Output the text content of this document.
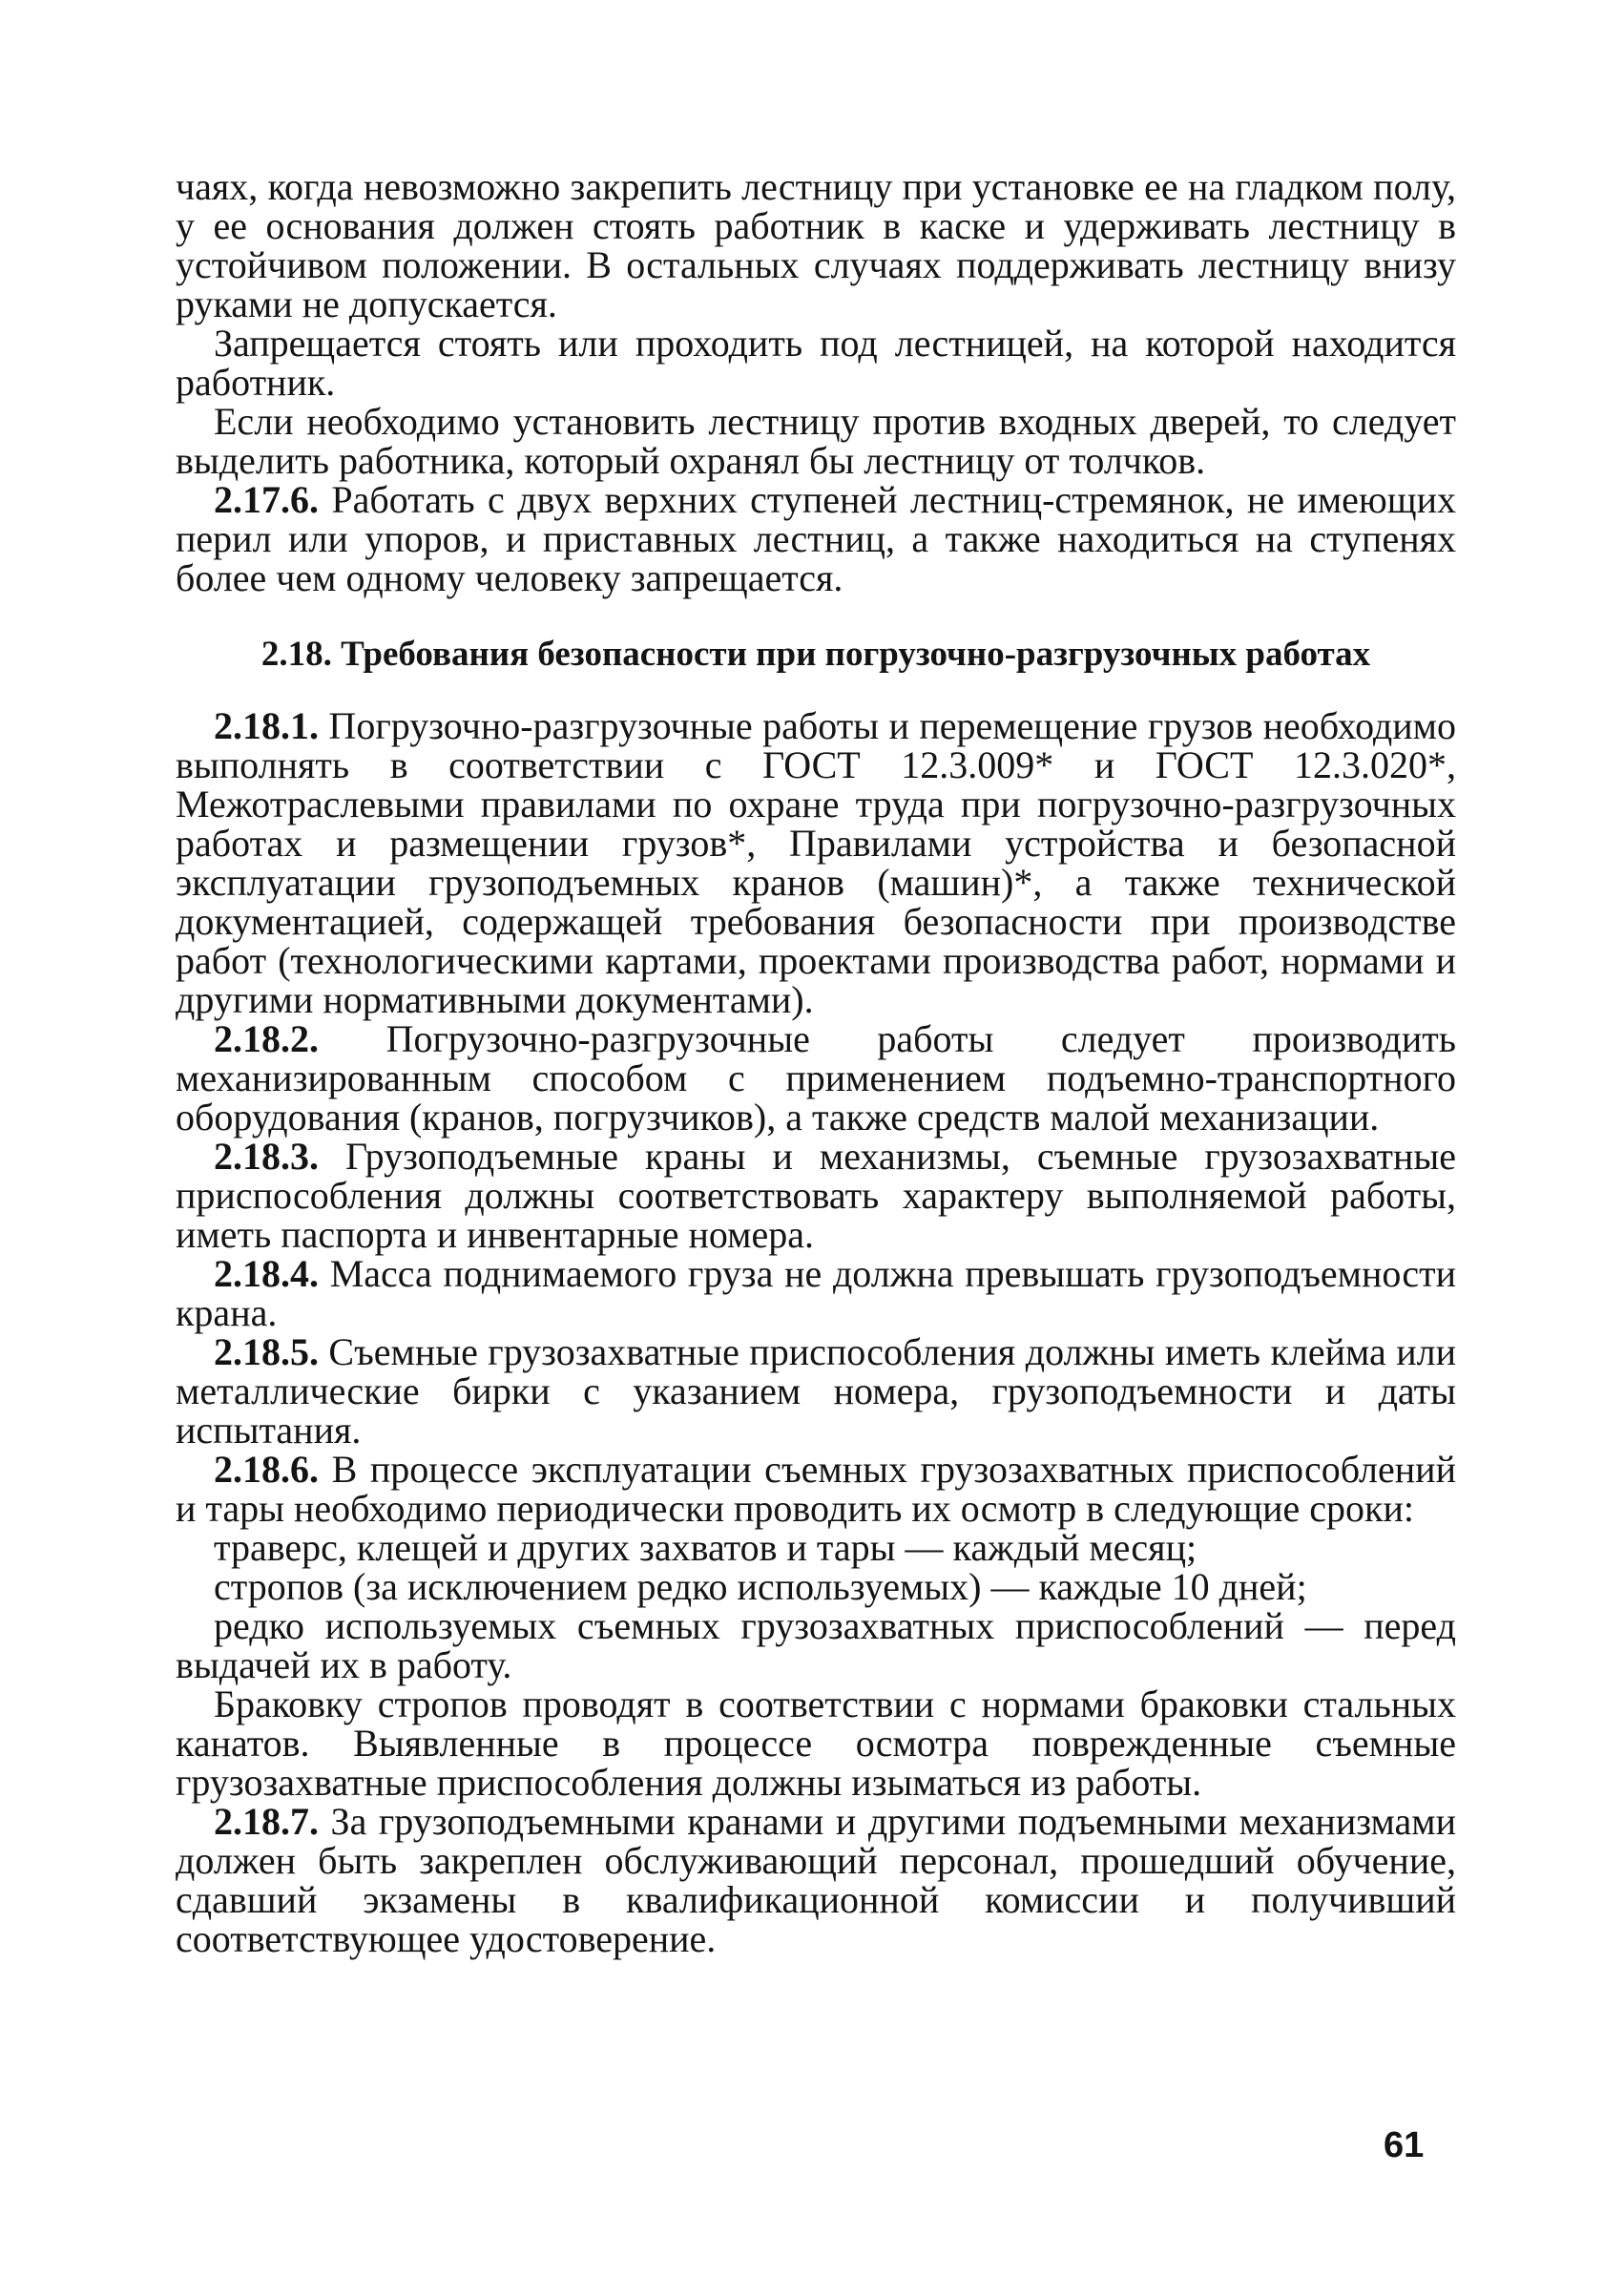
чаях, когда невозможно закрепить лестницу при установке ее на гладком полу, у ее основания должен стоять работник в каске и удерживать лестницу в устойчивом положении. В остальных случаях поддерживать лестницу внизу руками не допускается.

Запрещается стоять или проходить под лестницей, на которой находится работник.

Если необходимо установить лестницу против входных дверей, то следует выделить работника, который охранял бы лестницу от толчков.

2.17.6. Работать с двух верхних ступеней лестниц-стремянок, не имеющих перил или упоров, и приставных лестниц, а также находиться на ступенях более чем одному человеку запрещается.

2.18. Требования безопасности при погрузочно-разгрузочных работах

2.18.1. Погрузочно-разгрузочные работы и перемещение грузов необходимо выполнять в соответствии с ГОСТ 12.3.009* и ГОСТ 12.3.020*, Межотраслевыми правилами по охране труда при погрузочно-разгрузочных работах и размещении грузов*, Правилами устройства и безопасной эксплуатации грузоподъемных кранов (машин)*, а также технической документацией, содержащей требования безопасности при производстве работ (технологическими картами, проектами производства работ, нормами и другими нормативными документами).

2.18.2. Погрузочно-разгрузочные работы следует производить механизированным способом с применением подъемно-транспортного оборудования (кранов, погрузчиков), а также средств малой механизации.

2.18.3. Грузоподъемные краны и механизмы, съемные грузозахватные приспособления должны соответствовать характеру выполняемой работы, иметь паспорта и инвентарные номера.

2.18.4. Масса поднимаемого груза не должна превышать грузоподъемности крана.

2.18.5. Съемные грузозахватные приспособления должны иметь клейма или металлические бирки с указанием номера, грузоподъемности и даты испытания.

2.18.6. В процессе эксплуатации съемных грузозахватных приспособлений и тары необходимо периодически проводить их осмотр в следующие сроки:

траверс, клещей и других захватов и тары — каждый месяц;

стропов (за исключением редко используемых) — каждые 10 дней;

редко используемых съемных грузозахватных приспособлений — перед выдачей их в работу.

Браковку стропов проводят в соответствии с нормами браковки стальных канатов. Выявленные в процессе осмотра поврежденные съемные грузозахватные приспособления должны изыматься из работы.

2.18.7. За грузоподъемными кранами и другими подъемными механизмами должен быть закреплен обслуживающий персонал, прошедший обучение, сдавший экзамены в квалификационной комиссии и получивший соответствующее удостоверение.

61
